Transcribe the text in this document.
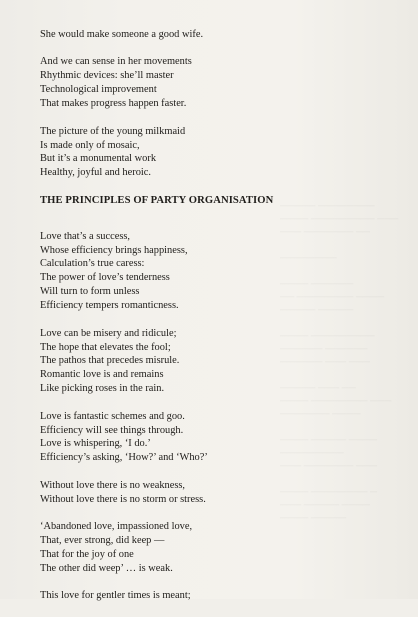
───── ────────
──── ───────── ───
─── ─────── ──
────────
──── ──────
── ──────── ────
───── ─────
──── ─────────
────── ──────
────── ─── ───
───── ─── ──
──── ──────── ───
─────── ────
──── ───── ────
─────────
─── ─────── ───
──── ──────── ─
─── ───── ────
──── ─────
She would make someone a good wife.
And we can sense in her movements
Rhythmic devices: she’ll master
Technological improvement
That makes progress happen faster.
The picture of the young milkmaid
Is made only of mosaic,
But it’s a monumental work
Healthy, joyful and heroic.
THE PRINCIPLES OF PARTY ORGANISATION
Love that’s a success,
Whose efficiency brings happiness,
Calculation’s true caress:
The power of love’s tenderness
Will turn to form unless
Efficiency tempers romanticness.
Love can be misery and ridicule;
The hope that elevates the fool;
The pathos that precedes misrule.
Romantic love is and remains
Like picking roses in the rain.
Love is fantastic schemes and goo.
Efficiency will see things through.
Love is whispering, ‘I do.’
Efficiency’s asking, ‘How?’ and ‘Who?’
Without love there is no weakness,
Without love there is no storm or stress.
‘Abandoned love, impassioned love,
That, ever strong, did keep —
That for the joy of one
The other did weep’ … is weak.
This love for gentler times is meant;
